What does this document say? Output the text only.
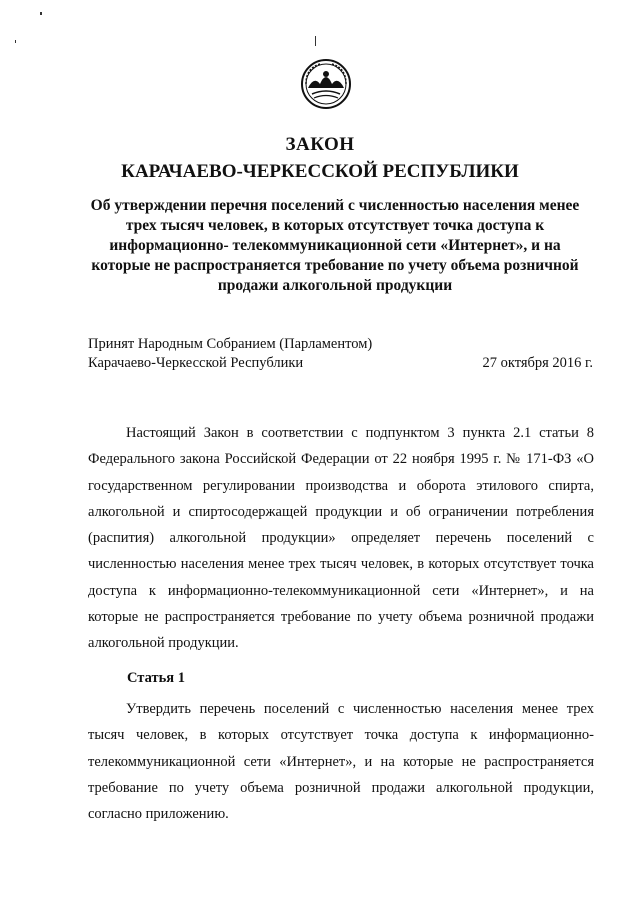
ЗАКОН
КАРАЧАЕВО-ЧЕРКЕССКОЙ РЕСПУБЛИКИ
Об утверждении перечня поселений с численностью населения менее трех тысяч человек, в которых отсутствует точка доступа к информационно- телекоммуникационной сети «Интернет», и на которые не распространяется требование по учету объема розничной продажи алкогольной продукции
Принят Народным Собранием (Парламентом)
Карачаево-Черкесской Республики	27 октября 2016 г.

Настоящий Закон в соответствии с подпунктом 3 пункта 2.1 статьи 8 Федерального закона Российской Федерации от 22 ноября 1995 г. № 171-ФЗ «О государственном регулировании производства и оборота этилового спирта, алкогольной и спиртосодержащей продукции и об ограничении потребления (распития) алкогольной продукции» определяет перечень поселений с численностью населения менее трех тысяч человек, в которых отсутствует точка доступа к информационно-телекоммуникационной сети «Интернет», и на которые не распространяется требование по учету объема розничной продажи алкогольной продукции.

Статья 1

Утвердить перечень поселений с численностью населения менее трех тысяч человек, в которых отсутствует точка доступа к информационно-телекоммуникационной сети «Интернет», и на которые не распространяется требование по учету объема розничной продажи алкогольной продукции, согласно приложению.
